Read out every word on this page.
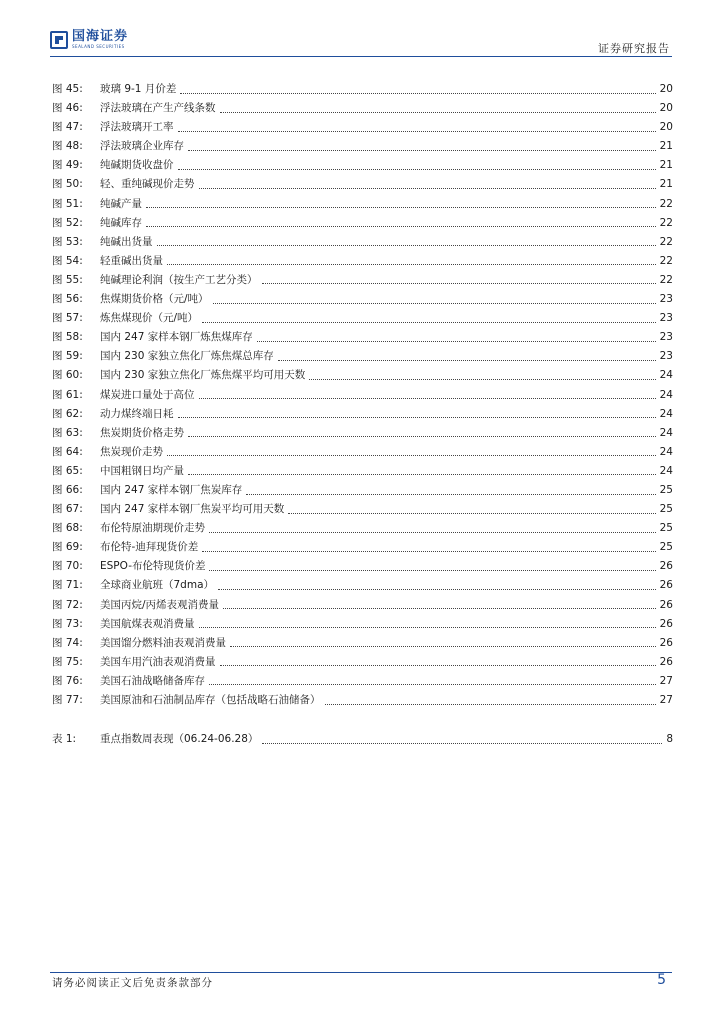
国海证券
SEALAND SECURITIES	证券研究报告
图 45:	玻璃 9-1 月价差	20
图 46:	浮法玻璃在产生产线条数	20
图 47:	浮法玻璃开工率	20
图 48:	浮法玻璃企业库存	21
图 49:	纯碱期货收盘价	21
图 50:	轻、重纯碱现价走势	21
图 51:	纯碱产量	22
图 52:	纯碱库存	22
图 53:	纯碱出货量	22
图 54:	轻重碱出货量	22
图 55:	纯碱理论利润（按生产工艺分类）	22
图 56:	焦煤期货价格（元/吨）	23
图 57:	炼焦煤现价（元/吨）	23
图 58:	国内 247 家样本钢厂炼焦煤库存	23
图 59:	国内 230 家独立焦化厂炼焦煤总库存	23
图 60:	国内 230 家独立焦化厂炼焦煤平均可用天数	24
图 61:	煤炭进口量处于高位	24
图 62:	动力煤终端日耗	24
图 63:	焦炭期货价格走势	24
图 64:	焦炭现价走势	24
图 65:	中国粗钢日均产量	24
图 66:	国内 247 家样本钢厂焦炭库存	25
图 67:	国内 247 家样本钢厂焦炭平均可用天数	25
图 68:	布伦特原油期现价走势	25
图 69:	布伦特-迪拜现货价差	25
图 70:	ESPO-布伦特现货价差	26
图 71:	全球商业航班（7dma）	26
图 72:	美国丙烷/丙烯表观消费量	26
图 73:	美国航煤表观消费量	26
图 74:	美国馏分燃料油表观消费量	26
图 75:	美国车用汽油表观消费量	26
图 76:	美国石油战略储备库存	27
图 77:	美国原油和石油制品库存（包括战略石油储备）	27
表 1:	重点指数周表现（06.24-06.28）	8
请务必阅读正文后免责条款部分	5
